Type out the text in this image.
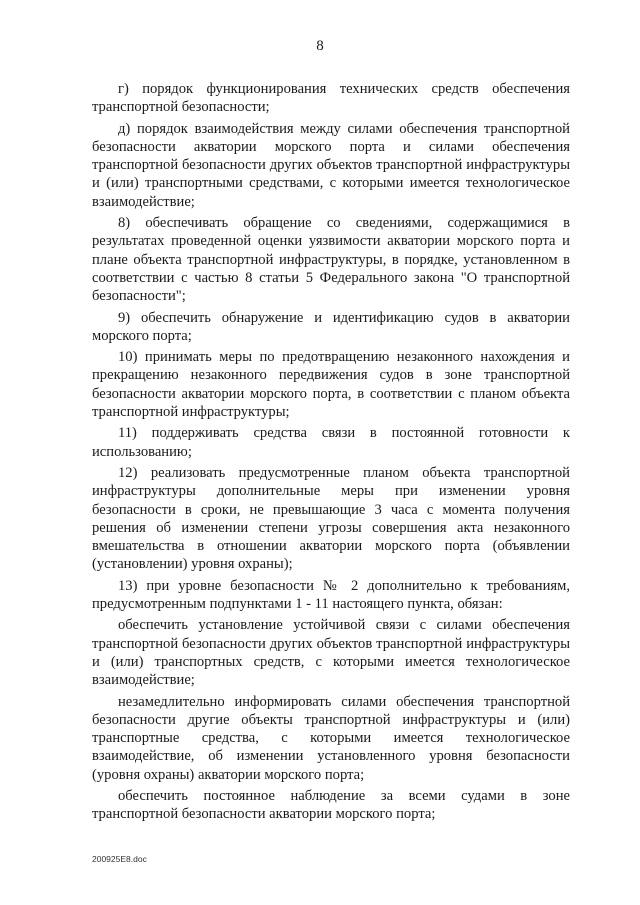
8

г) порядок функционирования технических средств обеспечения транспортной безопасности;

д) порядок взаимодействия между силами обеспечения транспортной безопасности акватории морского порта и силами обеспечения транспортной безопасности других объектов транспортной инфраструктуры и (или) транспортными средствами, с которыми имеется технологическое взаимодействие;

8) обеспечивать обращение со сведениями, содержащимися в результатах проведенной оценки уязвимости акватории морского порта и плане объекта транспортной инфраструктуры, в порядке, установленном в соответствии с частью 8 статьи 5 Федерального закона "О транспортной безопасности";

9) обеспечить обнаружение и идентификацию судов в акватории морского порта;

10) принимать меры по предотвращению незаконного нахождения и прекращению незаконного передвижения судов в зоне транспортной безопасности акватории морского порта, в соответствии с планом объекта транспортной инфраструктуры;

11) поддерживать средства связи в постоянной готовности к использованию;

12) реализовать предусмотренные планом объекта транспортной инфраструктуры дополнительные меры при изменении уровня безопасности в сроки, не превышающие 3 часа с момента получения решения об изменении степени угрозы совершения акта незаконного вмешательства в отношении акватории морского порта (объявлении (установлении) уровня охраны);

13) при уровне безопасности № 2 дополнительно к требованиям, предусмотренным подпунктами 1 - 11 настоящего пункта, обязан:

обеспечить установление устойчивой связи с силами обеспечения транспортной безопасности других объектов транспортной инфраструктуры и (или) транспортных средств, с которыми имеется технологическое взаимодействие;

незамедлительно информировать силами обеспечения транспортной безопасности другие объекты транспортной инфраструктуры и (или) транспортные средства, с которыми имеется технологическое взаимодействие, об изменении установленного уровня безопасности (уровня охраны) акватории морского порта;

обеспечить постоянное наблюдение за всеми судами в зоне транспортной безопасности акватории морского порта;

200925E8.doc
